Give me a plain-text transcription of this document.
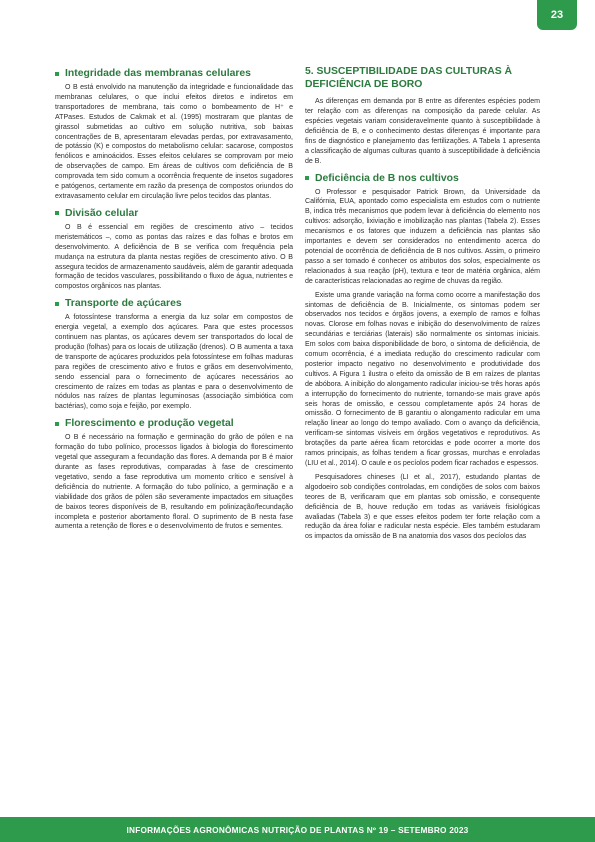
23
Integridade das membranas celulares

O B está envolvido na manutenção da integridade e funcionalidade das membranas celulares, o que inclui efeitos diretos e indiretos em transportadores de membrana, tais como o bombeamento de H⁺ e ATPases. Estudos de Cakmak et al. (1995) mostraram que plantas de girassol submetidas ao cultivo em solução nutritiva, sob baixas concentrações de B, apresentaram elevadas perdas, por extravasamento, de potássio (K) e compostos do metabolismo celular: sacarose, compostos fenólicos e aminoácidos. Esses efeitos celulares se comprovam por meio de observações de campo. Em áreas de cultivos com deficiência de B comprovada tem sido comum a ocorrência frequente de insetos sugadores e patógenos, certamente em razão da presença de compostos oriundos do extravasamento celular em circulação livre pelos tecidos das plantas.

Divisão celular

O B é essencial em regiões de crescimento ativo – tecidos meristemáticos –, como as pontas das raízes e das folhas e brotos em desenvolvimento. A deficiência de B se verifica com frequência pela mudança na estrutura da planta nestas regiões de crescimento ativo. O B assegura tecidos de armazenamento saudáveis, além de garantir adequada formação de tecidos vasculares, possibilitando o fluxo de água, nutrientes e compostos orgânicos nas plantas.

Transporte de açúcares

A fotossíntese transforma a energia da luz solar em compostos de energia vegetal, a exemplo dos açúcares. Para que estes processos continuem nas plantas, os açúcares devem ser transportados do local de produção (folhas) para os locais de utilização (drenos). O B aumenta a taxa de transporte de açúcares produzidos pela fotossíntese em folhas maduras para regiões de crescimento ativo e frutos e grãos em desenvolvimento, sendo essencial para o fornecimento de açúcares necessários ao crescimento de raízes em todas as plantas e para o desenvolvimento de nódulos nas raízes de plantas leguminosas (associação simbiótica com bactérias), como soja e feijão, por exemplo.

Florescimento e produção vegetal

O B é necessário na formação e germinação do grão de pólen e na formação do tubo polínico, processos ligados à biologia do florescimento vegetal que asseguram a fecundação das flores. A demanda por B é maior durante as fases reprodutivas, comparadas à fase de crescimento vegetativo, sendo a fase reprodutiva um momento crítico e sensível à deficiência do nutriente. A formação do tubo polínico, a germinação e a viabilidade dos grãos de pólen são severamente impactados em situações de baixos teores disponíveis de B, resultando em polinização/fecundação incompleta e posterior abortamento floral. O suprimento de B nesta fase aumenta a retenção de flores e o desenvolvimento de frutos e sementes.

5. SUSCEPTIBILIDADE DAS CULTURAS À DEFICIÊNCIA DE BORO

As diferenças em demanda por B entre as diferentes espécies podem ter relação com as diferenças na composição da parede celular. As espécies vegetais variam consideravelmente quanto à susceptibilidade à deficiência de B, e o conhecimento destas diferenças é importante para fins de diagnóstico e planejamento das fertilizações. A Tabela 1 apresenta a classificação de algumas culturas quanto à susceptibilidade à deficiência de B.

Deficiência de B nos cultivos

O Professor e pesquisador Patrick Brown, da Universidade da Califórnia, EUA, apontado como especialista em estudos com o nutriente B, indica três mecanismos que podem levar à deficiência do elemento nos cultivos: adsorção, lixiviação e imobilização nas plantas (Tabela 2). Esses mecanismos e os fatores que induzem a deficiência nas plantas são importantes e devem ser considerados no entendimento acerca do potencial de ocorrência de deficiência de B nos cultivos. Assim, o primeiro passo a ser tomado é conhecer os atributos dos solos, especialmente os relacionados à sua reação (pH), textura e teor de matéria orgânica, além de características relacionadas ao regime de chuvas da região.

Existe uma grande variação na forma como ocorre a manifestação dos sintomas de deficiência de B. Inicialmente, os sintomas podem ser observados nos tecidos e órgãos jovens, a exemplo de ramos e folhas novas. Clorose em folhas novas e inibição do desenvolvimento de raízes secundárias e terciárias (laterais) são normalmente os sintomas iniciais. Em solos com baixa disponibilidade de boro, o sintoma de deficiência, de comum ocorrência, é a imediata redução do crescimento radicular com posterior impacto negativo no desenvolvimento e produtividade dos cultivos. A Figura 1 ilustra o efeito da omissão de B em raízes de plantas de abóbora. A inibição do alongamento radicular iniciou-se três horas após a interrupção do fornecimento do nutriente, tornando-se mais grave após seis horas de omissão, e cessou completamente após 24 horas de omissão. O fornecimento de B garantiu o alongamento radicular em uma relação linear ao longo do tempo avaliado. Com o avanço da deficiência, verificam-se sintomas visíveis em órgãos vegetativos e reprodutivos. As brotações da parte aérea ficam retorcidas e pode ocorrer a morte dos ramos principais, as folhas tendem a ficar grossas, murchas e enroladas (LIU et al., 2014). O caule e os pecíolos podem ficar rachados e espessos.

Pesquisadores chineses (LI et al., 2017), estudando plantas de algodoeiro sob condições controladas, em condições de solos com baixos teores de B, verificaram que em plantas sob omissão, e consequente deficiência de B, houve redução em todas as variáveis fisiológicas avaliadas (Tabela 3) e que esses efeitos podem ter forte relação com a redução da área foliar e radicular nesta espécie. Eles também estudaram os impactos da omissão de B na anatomia dos vasos dos pecíolos das

INFORMAÇÕES AGRONÔMICAS NUTRIÇÃO DE PLANTAS Nº 19 – SETEMBRO 2023
